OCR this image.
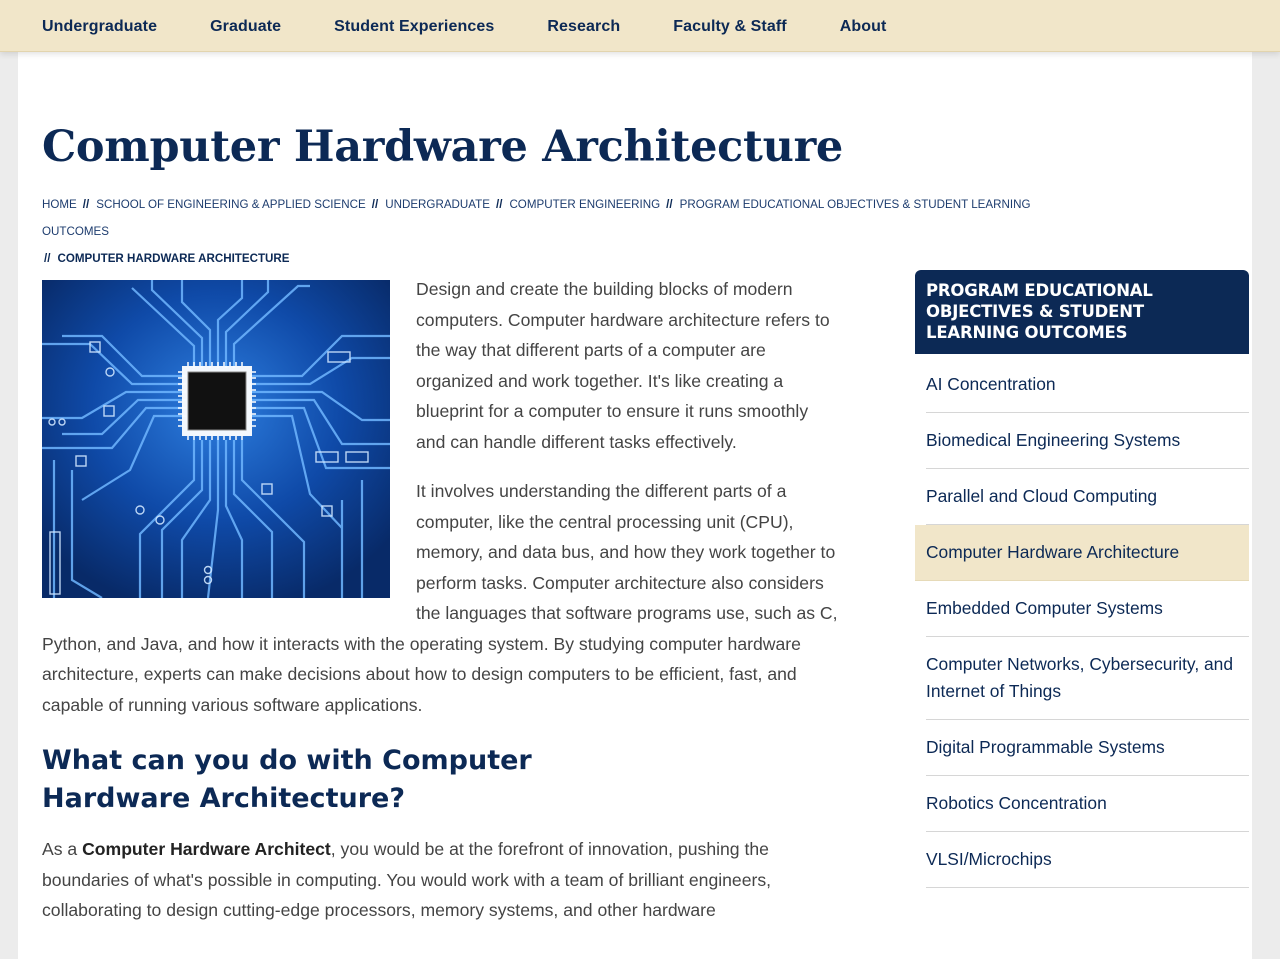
Undergraduate	Graduate	Student Experiences	Research	Faculty & Staff	About
Computer Hardware Architecture
HOME // SCHOOL OF ENGINEERING & APPLIED SCIENCE // UNDERGRADUATE // COMPUTER ENGINEERING // PROGRAM EDUCATIONAL OBJECTIVES & STUDENT LEARNING OUTCOMES
// COMPUTER HARDWARE ARCHITECTURE

Design and create the building blocks of modern computers. Computer hardware architecture refers to the way that different parts of a computer are organized and work together. It's like creating a blueprint for a computer to ensure it runs smoothly and can handle different tasks effectively.

It involves understanding the different parts of a computer, like the central processing unit (CPU), memory, and data bus, and how they work together to perform tasks. Computer architecture also considers the languages that software programs use, such as C, Python, and Java, and how it interacts with the operating system. By studying computer hardware architecture, experts can make decisions about how to design computers to be efficient, fast, and capable of running various software applications.

What can you do with Computer Hardware Architecture?

As a Computer Hardware Architect, you would be at the forefront of innovation, pushing the boundaries of what's possible in computing. You would work with a team of brilliant engineers, collaborating to design cutting-edge processors, memory systems, and other hardware

PROGRAM EDUCATIONAL OBJECTIVES & STUDENT LEARNING OUTCOMES
AI Concentration
Biomedical Engineering Systems
Parallel and Cloud Computing
Computer Hardware Architecture
Embedded Computer Systems
Computer Networks, Cybersecurity, and Internet of Things
Digital Programmable Systems
Robotics Concentration
VLSI/Microchips
